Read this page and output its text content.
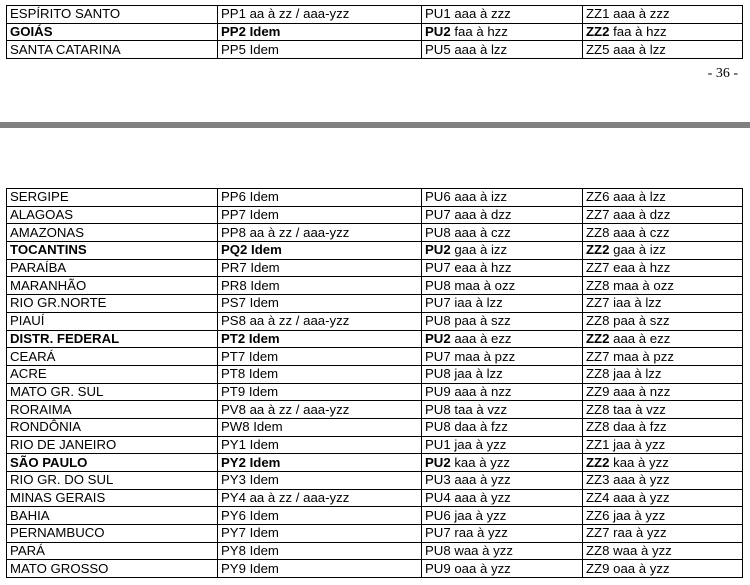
ESPÍRITO SANTO	PP1 aa à zz / aaa-yzz	PU1 aaa à zzz	ZZ1 aaa à zzz
GOIÁS	PP2 Idem	PU2 faa à hzz	ZZ2 faa à hzz
SANTA CATARINA	PP5 Idem	PU5 aaa à lzz	ZZ5 aaa à lzz
- 36 -
SERGIPE	PP6 Idem	PU6 aaa à izz	ZZ6 aaa à lzz
ALAGOAS	PP7 Idem	PU7 aaa à dzz	ZZ7 aaa à dzz
AMAZONAS	PP8 aa à zz / aaa-yzz	PU8 aaa à czz	ZZ8 aaa à czz
TOCANTINS	PQ2 Idem	PU2 gaa à izz	ZZ2 gaa à izz
PARAÍBA	PR7 Idem	PU7 eaa à hzz	ZZ7 eaa à hzz
MARANHÃO	PR8 Idem	PU8 maa à ozz	ZZ8 maa à ozz
RIO GR.NORTE	PS7 Idem	PU7 iaa à lzz	ZZ7 iaa à lzz
PIAUÍ	PS8 aa à zz / aaa-yzz	PU8 paa à szz	ZZ8 paa à szz
DISTR. FEDERAL	PT2 Idem	PU2 aaa à ezz	ZZ2 aaa à ezz
CEARÁ	PT7 Idem	PU7 maa à pzz	ZZ7 maa à pzz
ACRE	PT8 Idem	PU8 jaa à lzz	ZZ8 jaa à lzz
MATO GR. SUL	PT9 Idem	PU9 aaa à nzz	ZZ9 aaa à nzz
RORAIMA	PV8 aa à zz / aaa-yzz	PU8 taa à vzz	ZZ8 taa à vzz
RONDÔNIA	PW8 Idem	PU8 daa à fzz	ZZ8 daa à fzz
RIO DE JANEIRO	PY1 Idem	PU1 jaa à yzz	ZZ1 jaa à yzz
SÃO PAULO	PY2 Idem	PU2 kaa à yzz	ZZ2 kaa à yzz
RIO GR. DO SUL	PY3 Idem	PU3 aaa à yzz	ZZ3 aaa à yzz
MINAS GERAIS	PY4 aa à zz / aaa-yzz	PU4 aaa à yzz	ZZ4 aaa à yzz
BAHIA	PY6 Idem	PU6 jaa à yzz	ZZ6 jaa à yzz
PERNAMBUCO	PY7 Idem	PU7 raa à yzz	ZZ7 raa à yzz
PARÁ	PY8 Idem	PU8 waa à yzz	ZZ8 waa à yzz
MATO GROSSO	PY9 Idem	PU9 oaa à yzz	ZZ9 oaa à yzz
